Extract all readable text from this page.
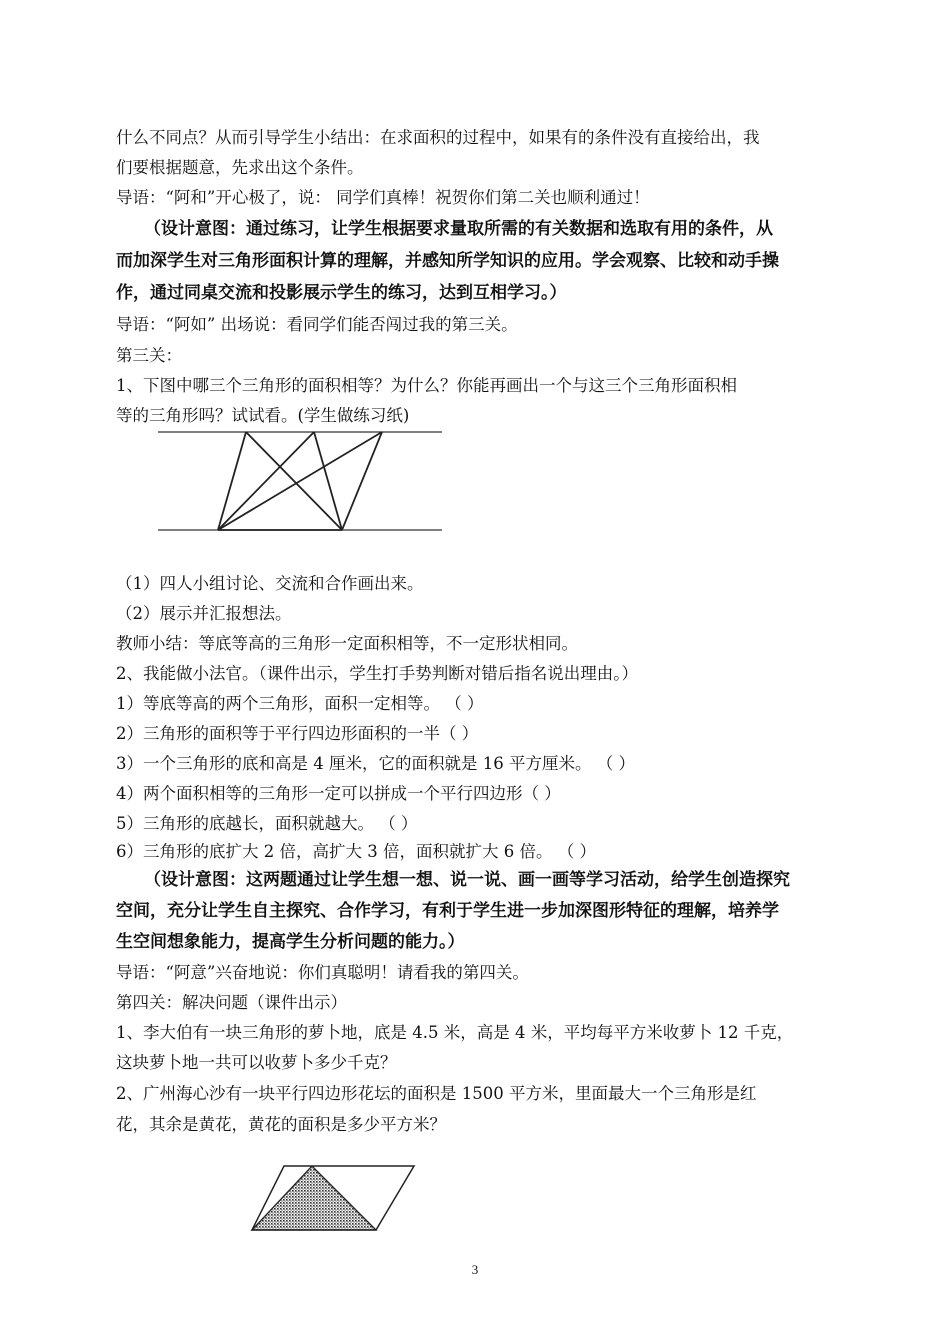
什么不同点？从而引导学生小结出：在求面积的过程中，如果有的条件没有直接给出，我
们要根据题意，先求出这个条件。
导语：“阿和”开心极了，说： 同学们真棒！祝贺你们第二关也顺利通过！
（设计意图：通过练习，让学生根据要求量取所需的有关数据和选取有用的条件，从
而加深学生对三角形面积计算的理解，并感知所学知识的应用。学会观察、比较和动手操
作，通过同桌交流和投影展示学生的练习，达到互相学习。）
导语：“阿如” 出场说：看同学们能否闯过我的第三关。
第三关：
1、下图中哪三个三角形的面积相等？为什么？你能再画出一个与这三个三角形面积相
等的三角形吗？试试看。(学生做练习纸)
（1）四人小组讨论、交流和合作画出来。
（2）展示并汇报想法。
教师小结：等底等高的三角形一定面积相等，不一定形状相同。
2、我能做小法官。（课件出示，学生打手势判断对错后指名说出理由。）
1）等底等高的两个三角形，面积一定相等。 （ ）
2）三角形的面积等于平行四边形面积的一半（ ）
3）一个三角形的底和高是 4 厘米，它的面积就是 16 平方厘米。 （ ）
4）两个面积相等的三角形一定可以拼成一个平行四边形（ ）
5）三角形的底越长，面积就越大。 （ ）
6）三角形的底扩大 2 倍，高扩大 3 倍，面积就扩大 6 倍。 （ ）
（设计意图：这两题通过让学生想一想、说一说、画一画等学习活动，给学生创造探究
空间，充分让学生自主探究、合作学习，有利于学生进一步加深图形特征的理解，培养学
生空间想象能力，提高学生分析问题的能力。）
导语：“阿意”兴奋地说：你们真聪明！请看我的第四关。
第四关：解决问题（课件出示）
1、李大伯有一块三角形的萝卜地，底是 4.5 米，高是 4 米，平均每平方米收萝卜 12 千克，
这块萝卜地一共可以收萝卜多少千克？
2、广州海心沙有一块平行四边形花坛的面积是 1500 平方米，里面最大一个三角形是红
花，其余是黄花，黄花的面积是多少平方米？
3
